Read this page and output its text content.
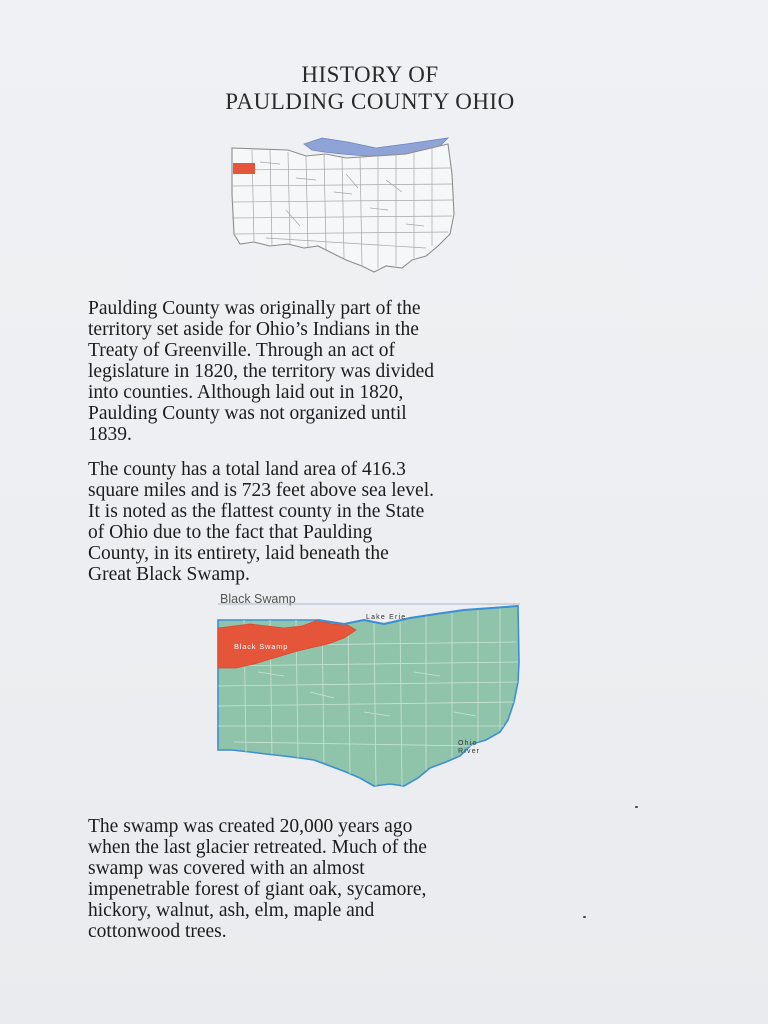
HISTORY OF
PAULDING COUNTY OHIO
Paulding County was originally part of the
territory set aside for Ohio’s Indians in the
Treaty of Greenville. Through an act of
legislature in 1820, the territory was divided
into counties. Although laid out in 1820,
Paulding County was not organized until
1839.
The county has a total land area of 416.3
square miles and is 723 feet above sea level.
It is noted as the flattest county in the State
of Ohio due to the fact that Paulding
County, in its entirety, laid beneath the
Great Black Swamp.
Black Swamp
Lake Erie
Black Swamp
Ohio
River
The swamp was created 20,000 years ago
when the last glacier retreated. Much of the
swamp was covered with an almost
impenetrable forest of giant oak, sycamore,
hickory, walnut, ash, elm, maple and
cottonwood trees.
